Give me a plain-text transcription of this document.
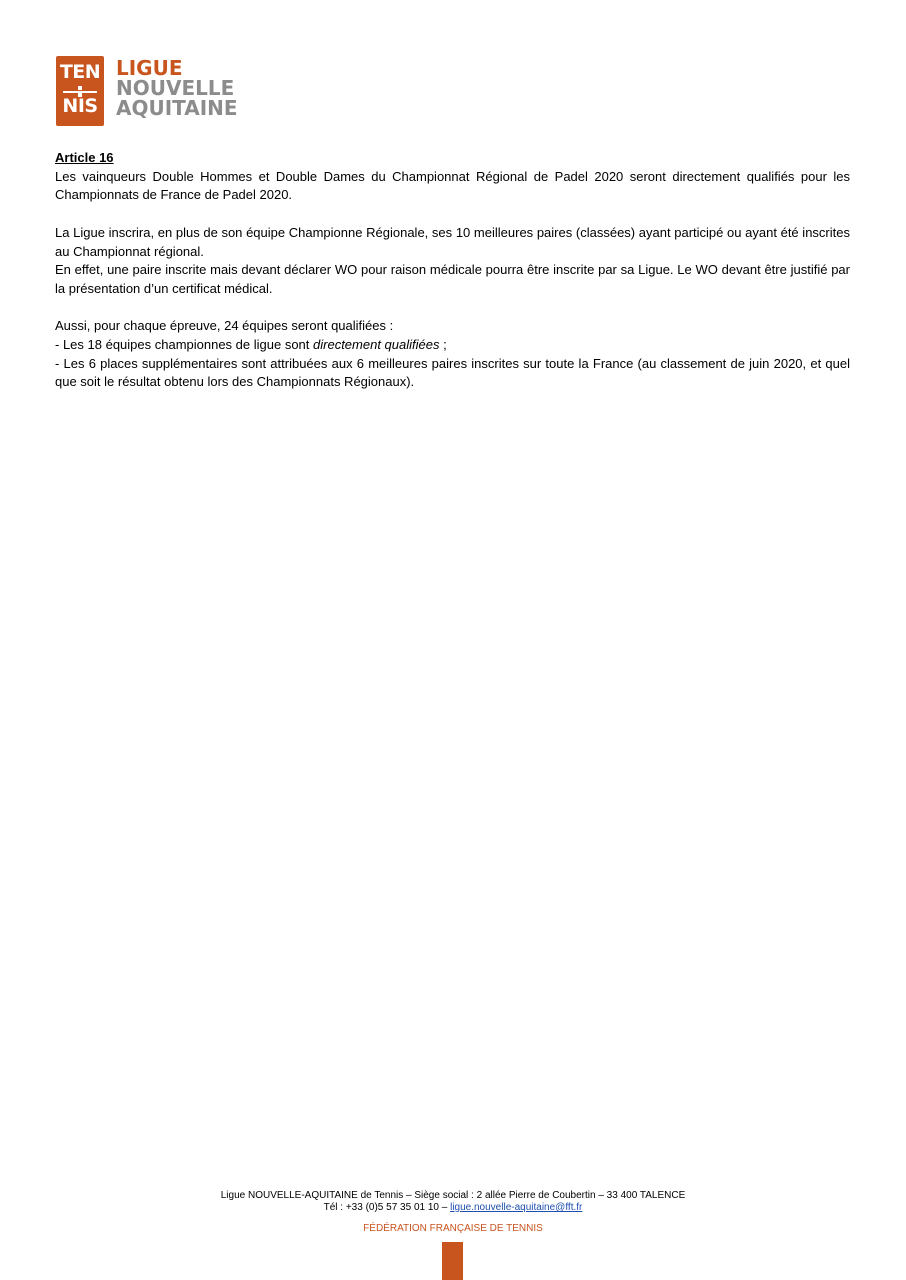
TEN
NIS
LIGUE
NOUVELLE
AQUITAINE

Article 16

Les vainqueurs Double Hommes et Double Dames du Championnat Régional de Padel 2020 seront directement qualifiés pour les Championnats de France de Padel 2020.

La Ligue inscrira, en plus de son équipe Championne Régionale, ses 10 meilleures paires (classées) ayant participé ou ayant été inscrites au Championnat régional.

En effet, une paire inscrite mais devant déclarer WO pour raison médicale pourra être inscrite par sa Ligue. Le WO devant être justifié par la présentation d’un certificat médical.

Aussi, pour chaque épreuve, 24 équipes seront qualifiées :

- Les 18 équipes championnes de ligue sont directement qualifiées ;

- Les 6 places supplémentaires sont attribuées aux 6 meilleures paires inscrites sur toute la France (au classement de juin 2020, et quel que soit le résultat obtenu lors des Championnats Régionaux).

Ligue NOUVELLE-AQUITAINE de Tennis – Siège social : 2 allée Pierre de Coubertin – 33 400 TALENCE
Tél : +33 (0)5 57 35 01 10 – ligue.nouvelle-aquitaine@fft.fr
FÉDÉRATION FRANÇAISE DE TENNIS
